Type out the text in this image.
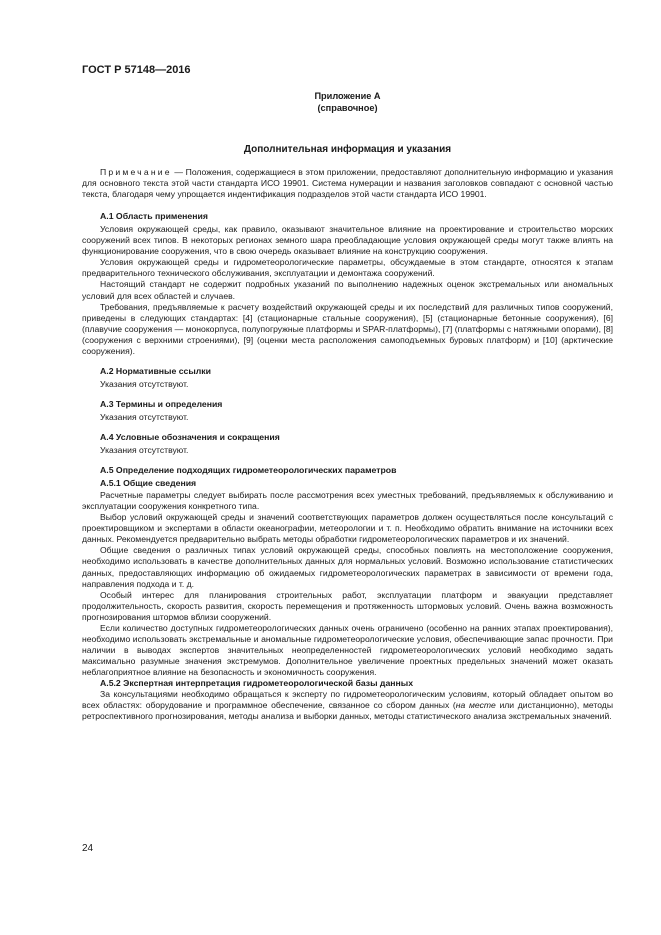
ГОСТ Р 57148—2016
Приложение А
(справочное)
Дополнительная информация и указания

Примечание — Положения, содержащиеся в этом приложении, предоставляют дополнительную информацию и указания для основного текста этой части стандарта ИСО 19901. Система нумерации и названия заголовков совпадают с основной частью текста, благодаря чему упрощается индентификация подразделов этой части стандарта ИСО 19901.

А.1 Область применения

Условия окружающей среды, как правило, оказывают значительное влияние на проектирование и строительство морских сооружений всех типов. В некоторых регионах земного шара преобладающие условия окружающей среды могут также влиять на функционирование сооружения, что в свою очередь оказывает влияние на конструкцию сооружения.

Условия окружающей среды и гидрометеорологические параметры, обсуждаемые в этом стандарте, относятся к этапам предварительного технического обслуживания, эксплуатации и демонтажа сооружений.

Настоящий стандарт не содержит подробных указаний по выполнению надежных оценок экстремальных или аномальных условий для всех областей и случаев.

Требования, предъявляемые к расчету воздействий окружающей среды и их последствий для различных типов сооружений, приведены в следующих стандартах: [4] (стационарные стальные сооружения), [5] (стационарные бетонные сооружения), [6] (плавучие сооружения — монокорпуса, полупогружные платформы и SPAR-платформы), [7] (платформы с натяжными опорами), [8] (сооружения с верхними строениями), [9] (оценки места расположения самоподъемных буровых платформ) и [10] (арктические сооружения).

А.2 Нормативные ссылки

Указания отсутствуют.

А.3 Термины и определения

Указания отсутствуют.

А.4 Условные обозначения и сокращения

Указания отсутствуют.

А.5 Определение подходящих гидрометеорологических параметров
А.5.1 Общие сведения

Расчетные параметры следует выбирать после рассмотрения всех уместных требований, предъявляемых к обслуживанию и эксплуатации сооружения конкретного типа.

Выбор условий окружающей среды и значений соответствующих параметров должен осуществляться после консультаций с проектировщиком и экспертами в области океанографии, метеорологии и т. п. Необходимо обратить внимание на источники всех данных. Рекомендуется предварительно выбрать методы обработки гидрометеорологических параметров и их значений.

Общие сведения о различных типах условий окружающей среды, способных повлиять на местоположение сооружения, необходимо использовать в качестве дополнительных данных для нормальных условий. Возможно использование статистических данных, предоставляющих информацию об ожидаемых гидрометеорологических параметрах в зависимости от времени года, направления подхода и т. д.

Особый интерес для планирования строительных работ, эксплуатации платформ и эвакуации представляет продолжительность, скорость развития, скорость перемещения и протяженность штормовых условий. Очень важна возможность прогнозирования штормов вблизи сооружений.

Если количество доступных гидрометеорологических данных очень ограничено (особенно на ранних этапах проектирования), необходимо использовать экстремальные и аномальные гидрометеорологические условия, обеспечивающие запас прочности. При наличии в выводах экспертов значительных неопределенностей гидрометеорологических условий необходимо задать максимально разумные значения экстремумов. Дополнительное увеличение проектных предельных значений может оказать неблагоприятное влияние на безопасность и экономичность сооружения.

А.5.2 Экспертная интерпретация гидрометеорологической базы данных

За консультациями необходимо обращаться к эксперту по гидрометеорологическим условиям, который обладает опытом во всех областях: оборудование и программное обеспечение, связанное со сбором данных (на месте или дистанционно), методы ретроспективного прогнозирования, методы анализа и выборки данных, методы статистического анализа экстремальных значений.

24
